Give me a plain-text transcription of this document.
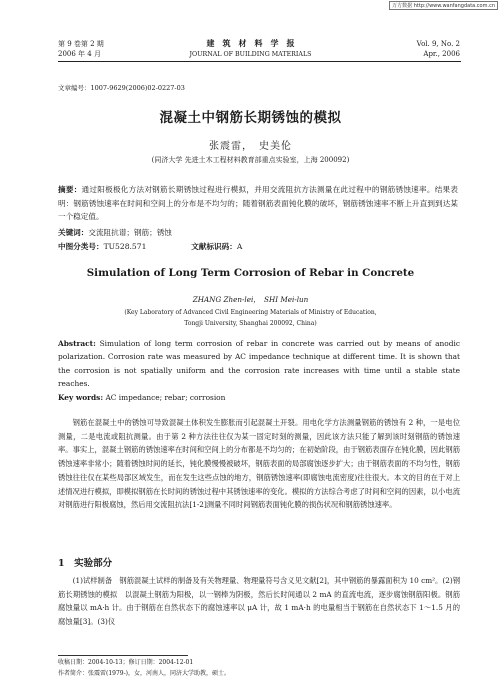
万方数据 http://www.wanfangdata.com.cn
第 9 卷第 2 期
2006 年 4 月
建　筑　材　料　学　报
JOURNAL OF BUILDING MATERIALS
Vol. 9, No. 2
Apr., 2006
文章编号：1007-9629(2006)02-0227-03
混凝土中钢筋长期锈蚀的模拟
张震雷，　史美伦
(同济大学 先进土木工程材料教育部重点实验室，上海 200092)
摘要：通过阳极极化方法对钢筋长期锈蚀过程进行模拟，并用交流阻抗方法测量在此过程中的钢筋锈蚀速率。结果表明：钢筋锈蚀速率在时间和空间上的分布是不均匀的；随着钢筋表面钝化膜的破坏，钢筋锈蚀速率不断上升直到到达某一个稳定值。
关键词：交流阻抗谱；钢筋；锈蚀
中图分类号：TU528.571	文献标识码：A
Simulation of Long Term Corrosion of Rebar in Concrete
ZHANG Zhen-lei，　SHI Mei-lun
(Key Laboratory of Advanced Civil Engineering Materials of Ministry of Education,
Tongji University, Shanghai 200092, China)
Abstract: Simulation of long term corrosion of rebar in concrete was carried out by means of anodic polarization. Corrosion rate was measured by AC impedance technique at different time. It is shown that the corrosion is not spatially uniform and the corrosion rate increases with time until a stable state reaches.
Key words: AC impedance; rebar; corrosion
钢筋在混凝土中的锈蚀可导致混凝土体积发生膨胀而引起混凝土开裂。用电化学方法测量钢筋的锈蚀有 2 种，一是电位测量，二是电流或阻抗测量。由于第 2 种方法往往仅为某一固定时刻的测量，因此该方法只能了解到该时刻钢筋的锈蚀速率。事实上，混凝土钢筋的锈蚀速率在时间和空间上的分布都是不均匀的；在初始阶段，由于钢筋表面存在钝化膜，因此钢筋锈蚀速率非常小；随着锈蚀时间的延长，钝化膜慢慢被破坏，钢筋表面的局部腐蚀逐步扩大；由于钢筋表面的不均匀性，钢筋锈蚀往往仅在某些局部区域发生，而在发生这些点蚀的地方，钢筋锈蚀速率(即腐蚀电流密度)往往很大。本文的目的在于对上述情况进行模拟，即模拟钢筋在长时间的锈蚀过程中其锈蚀速率的变化。模拟的方法综合考虑了时间和空间的因素，以小电流对钢筋进行阳极腐蚀，然后用交流阻抗法[1-2]测量不同时间钢筋表面钝化膜的损伤状况和钢筋锈蚀速率。
1　实验部分
(1)试样制备　钢筋混凝土试样的制备及有关物理量、物理量符号含义见文献[2]，其中钢筋的暴露面积为 10 cm²。(2)钢筋长期锈蚀的模拟　以混凝土钢筋为阳极，以一钢棒为阴极，然后长时间通以 2 mA 的直流电流，逐步腐蚀钢筋阳极。钢筋腐蚀量以 mA·h 计。由于钢筋在自然状态下的腐蚀速率以 μA 计，故 1 mA·h 的电量相当于钢筋在自然状态下 1～1.5 月的腐蚀量[3]。(3)仪
收稿日期：2004-10-13；修订日期：2004-12-01
作者简介：张震雷(1979-)，女，河南人，同济大学助教，硕士。
